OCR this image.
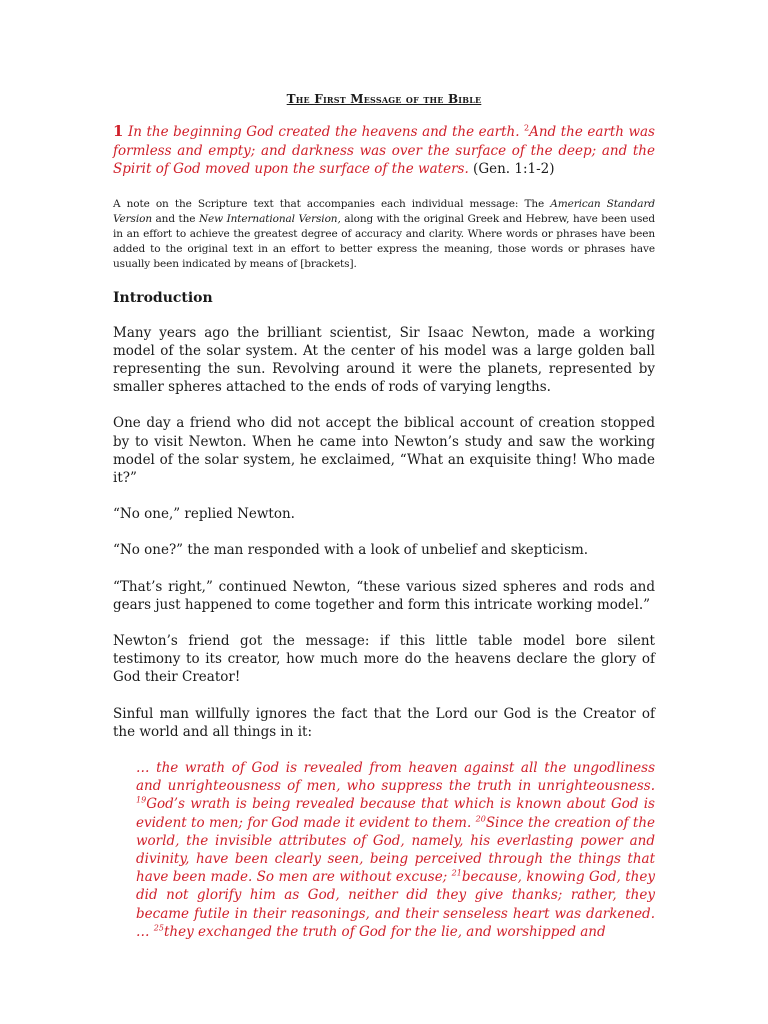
The First Message of the Bible

1 In the beginning God created the heavens and the earth. $^2$And the earth was formless and empty; and darkness was over the surface of the deep; and the Spirit of God moved upon the surface of the waters. (Gen. 1:1-2)

A note on the Scripture text that accompanies each individual message: The American Standard Version and the New International Version, along with the original Greek and Hebrew, have been used in an effort to achieve the greatest degree of accuracy and clarity. Where words or phrases have been added to the original text in an effort to better express the meaning, those words or phrases have usually been indicated by means of [brackets].

Introduction

Many years ago the brilliant scientist, Sir Isaac Newton, made a working model of the solar system. At the center of his model was a large golden ball representing the sun. Revolving around it were the planets, represented by smaller spheres attached to the ends of rods of varying lengths.

One day a friend who did not accept the biblical account of creation stopped by to visit Newton. When he came into Newton’s study and saw the working model of the solar system, he exclaimed, “What an exquisite thing! Who made it?”

“No one,” replied Newton.

“No one?” the man responded with a look of unbelief and skepticism.

“That’s right,” continued Newton, “these various sized spheres and rods and gears just happened to come together and form this intricate working model.”

Newton’s friend got the message: if this little table model bore silent testimony to its creator, how much more do the heavens declare the glory of God their Creator!

Sinful man willfully ignores the fact that the Lord our God is the Creator of the world and all things in it:

… the wrath of God is revealed from heaven against all the ungodliness and unrighteousness of men, who suppress the truth in unrighteousness. $^{19}$God’s wrath is being revealed because that which is known about God is evident to men; for God made it evident to them. $^{20}$Since the creation of the world, the invisible attributes of God, namely, his everlasting power and divinity, have been clearly seen, being perceived through the things that have been made. So men are without excuse; $^{21}$because, knowing God, they did not glorify him as God, neither did they give thanks; rather, they became futile in their reasonings, and their senseless heart was darkened. … $^{25}$they exchanged the truth of God for the lie, and worshipped and
